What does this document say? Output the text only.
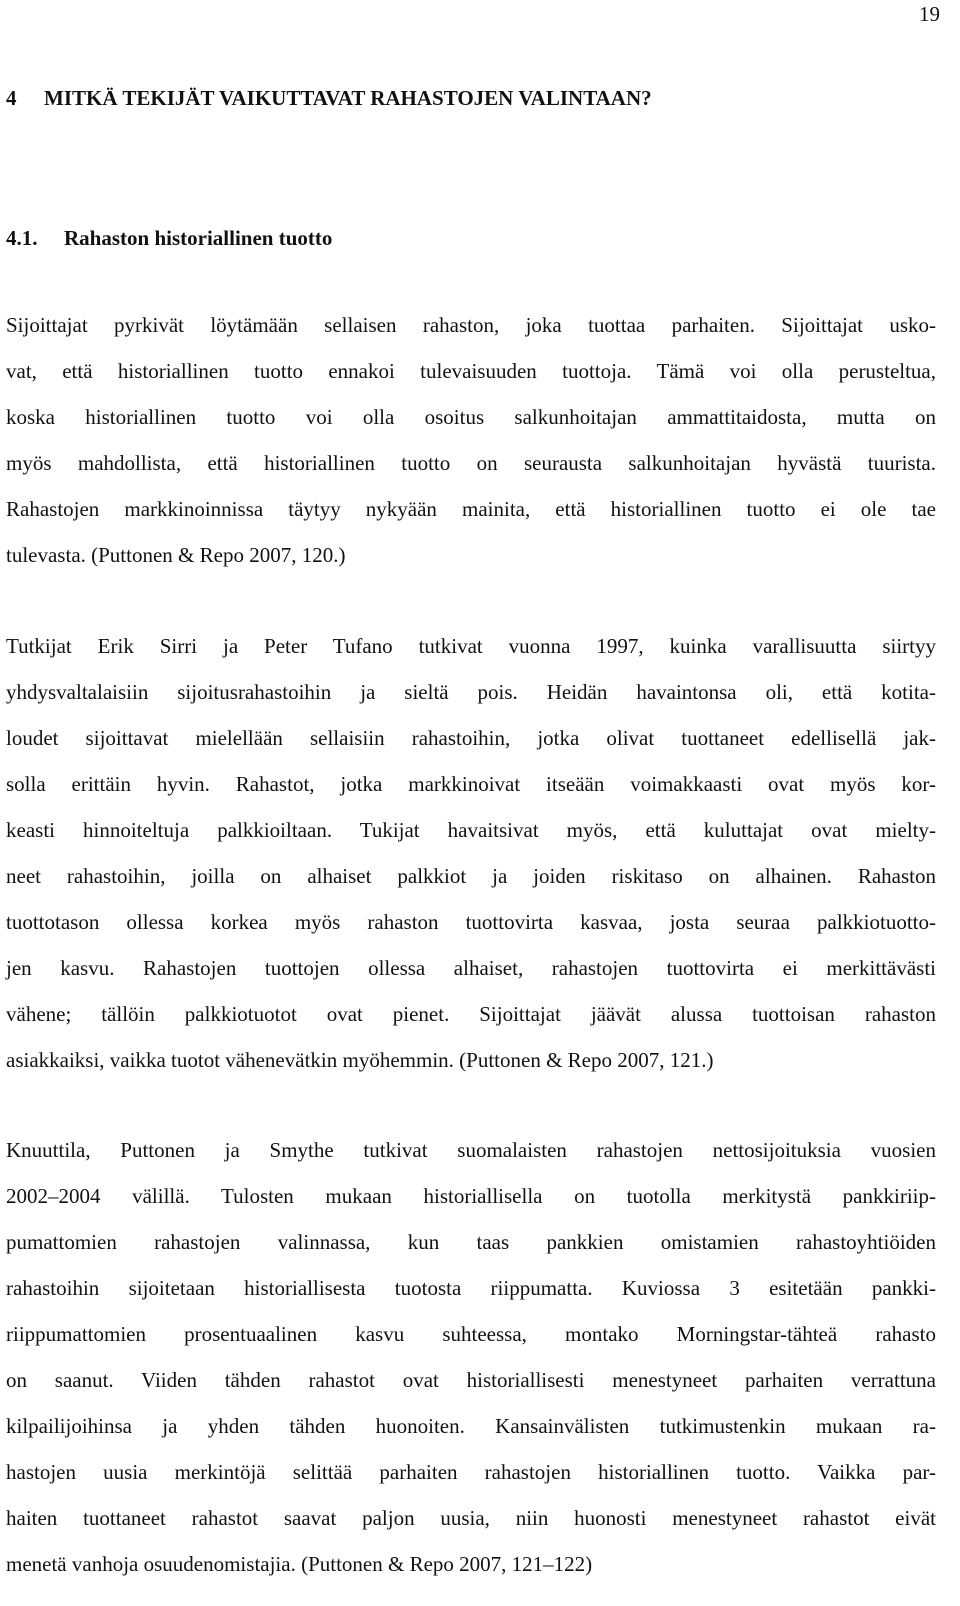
19
4 MITKÄ TEKIJÄT VAIKUTTAVAT RAHASTOJEN VALINTAAN?
4.1. Rahaston historiallinen tuotto
Sijoittajat pyrkivät löytämään sellaisen rahaston, joka tuottaa parhaiten. Sijoittajat usko-
vat, että historiallinen tuotto ennakoi tulevaisuuden tuottoja. Tämä voi olla perusteltua,
koska historiallinen tuotto voi olla osoitus salkunhoitajan ammattitaidosta, mutta on
myös mahdollista, että historiallinen tuotto on seurausta salkunhoitajan hyvästä tuurista.
Rahastojen markkinoinnissa täytyy nykyään mainita, että historiallinen tuotto ei ole tae
tulevasta. (Puttonen & Repo 2007, 120.)
Tutkijat Erik Sirri ja Peter Tufano tutkivat vuonna 1997, kuinka varallisuutta siirtyy
yhdysvaltalaisiin sijoitusrahastoihin ja sieltä pois. Heidän havaintonsa oli, että kotita-
loudet sijoittavat mielellään sellaisiin rahastoihin, jotka olivat tuottaneet edellisellä jak-
solla erittäin hyvin. Rahastot, jotka markkinoivat itseään voimakkaasti ovat myös kor-
keasti hinnoiteltuja palkkioiltaan. Tukijat havaitsivat myös, että kuluttajat ovat mielty-
neet rahastoihin, joilla on alhaiset palkkiot ja joiden riskitaso on alhainen. Rahaston
tuottotason ollessa korkea myös rahaston tuottovirta kasvaa, josta seuraa palkkiotuotto-
jen kasvu. Rahastojen tuottojen ollessa alhaiset, rahastojen tuottovirta ei merkittävästi
vähene; tällöin palkkiotuotot ovat pienet. Sijoittajat jäävät alussa tuottoisan rahaston
asiakkaiksi, vaikka tuotot vähenevätkin myöhemmin. (Puttonen & Repo 2007, 121.)
Knuuttila, Puttonen ja Smythe tutkivat suomalaisten rahastojen nettosijoituksia vuosien
2002–2004 välillä. Tulosten mukaan historiallisella on tuotolla merkitystä pankkiriip-
pumattomien rahastojen valinnassa, kun taas pankkien omistamien rahastoyhtiöiden
rahastoihin sijoitetaan historiallisesta tuotosta riippumatta. Kuviossa 3 esitetään pankki-
riippumattomien prosentuaalinen kasvu suhteessa, montako Morningstar-tähteä rahasto
on saanut. Viiden tähden rahastot ovat historiallisesti menestyneet parhaiten verrattuna
kilpailijoihinsa ja yhden tähden huonoiten. Kansainvälisten tutkimustenkin mukaan ra-
hastojen uusia merkintöjä selittää parhaiten rahastojen historiallinen tuotto. Vaikka par-
haiten tuottaneet rahastot saavat paljon uusia, niin huonosti menestyneet rahastot eivät
menetä vanhoja osuudenomistajia. (Puttonen & Repo 2007, 121–122)
